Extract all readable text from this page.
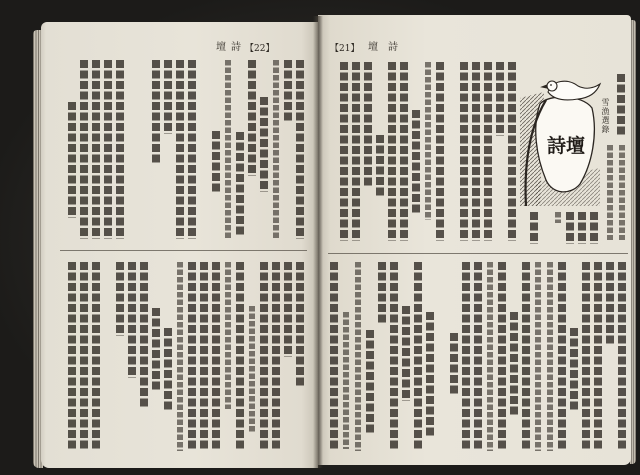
壇 詩 【22】	【21】 壇 詩
雪漁選錄
詩壇
